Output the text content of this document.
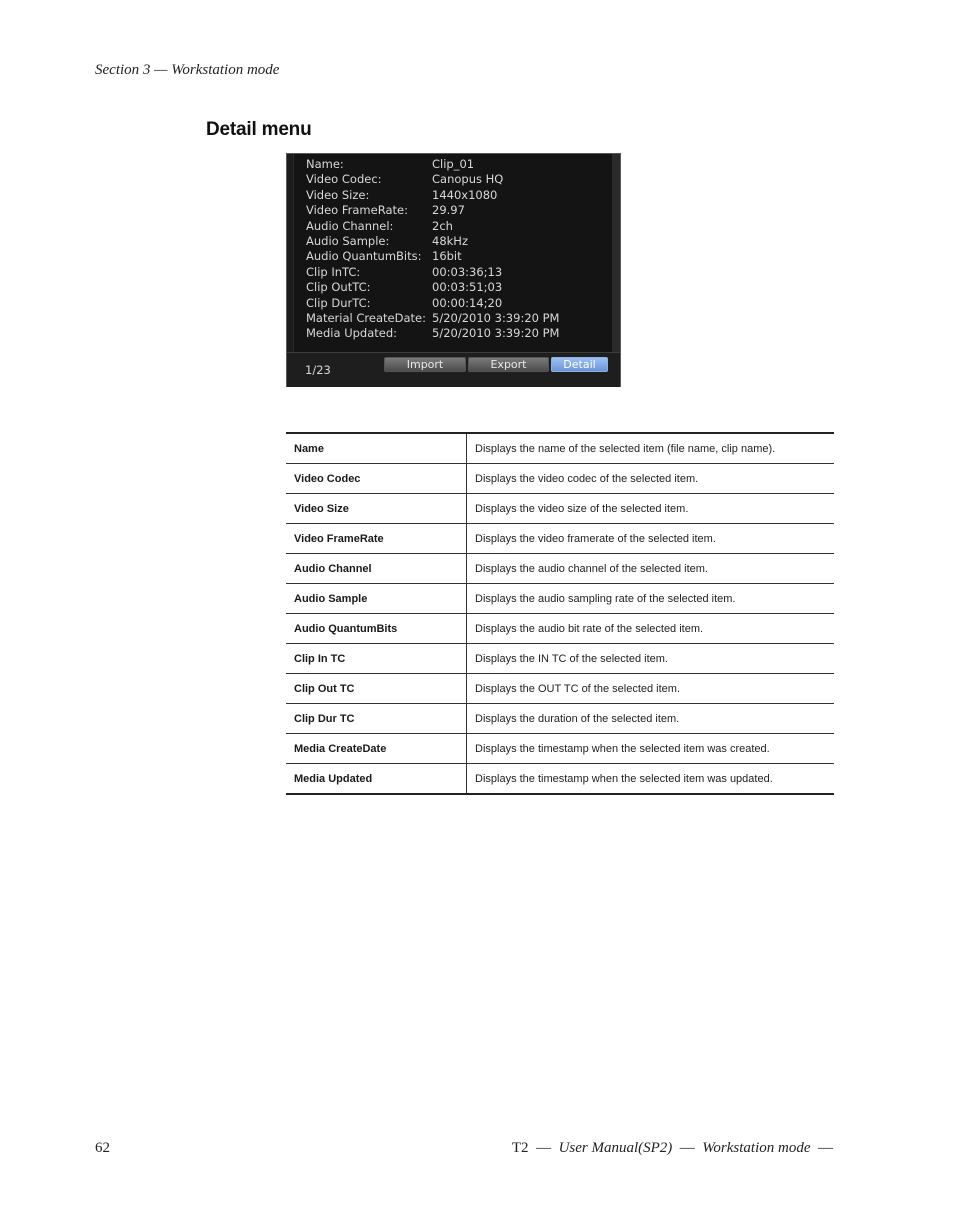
Section 3 — Workstation mode
Detail menu
Name:	Clip_01
Video Codec:	Canopus HQ
Video Size:	1440x1080
Video FrameRate: 29.97
Audio Channel:	2ch
Audio Sample:	48kHz
Audio QuantumBits: 16bit
Clip InTC:	00:03:36;13
Clip OutTC:	00:03:51;03
Clip DurTC:	00:00:14;20
Material CreateDate: 5/20/2010 3:39:20 PM
Media Updated:	5/20/2010 3:39:20 PM
1/23	Import	Export	Detail
Name	Displays the name of the selected item (file name, clip name).
Video Codec	Displays the video codec of the selected item.
Video Size	Displays the video size of the selected item.
Video FrameRate	Displays the video framerate of the selected item.
Audio Channel	Displays the audio channel of the selected item.
Audio Sample	Displays the audio sampling rate of the selected item.
Audio QuantumBits	Displays the audio bit rate of the selected item.
Clip In TC	Displays the IN TC of the selected item.
Clip Out TC	Displays the OUT TC of the selected item.
Clip Dur TC	Displays the duration of the selected item.
Media CreateDate	Displays the timestamp when the selected item was created.
Media Updated	Displays the timestamp when the selected item was updated.
62	T2  —  User Manual(SP2)  —  Workstation mode  —
